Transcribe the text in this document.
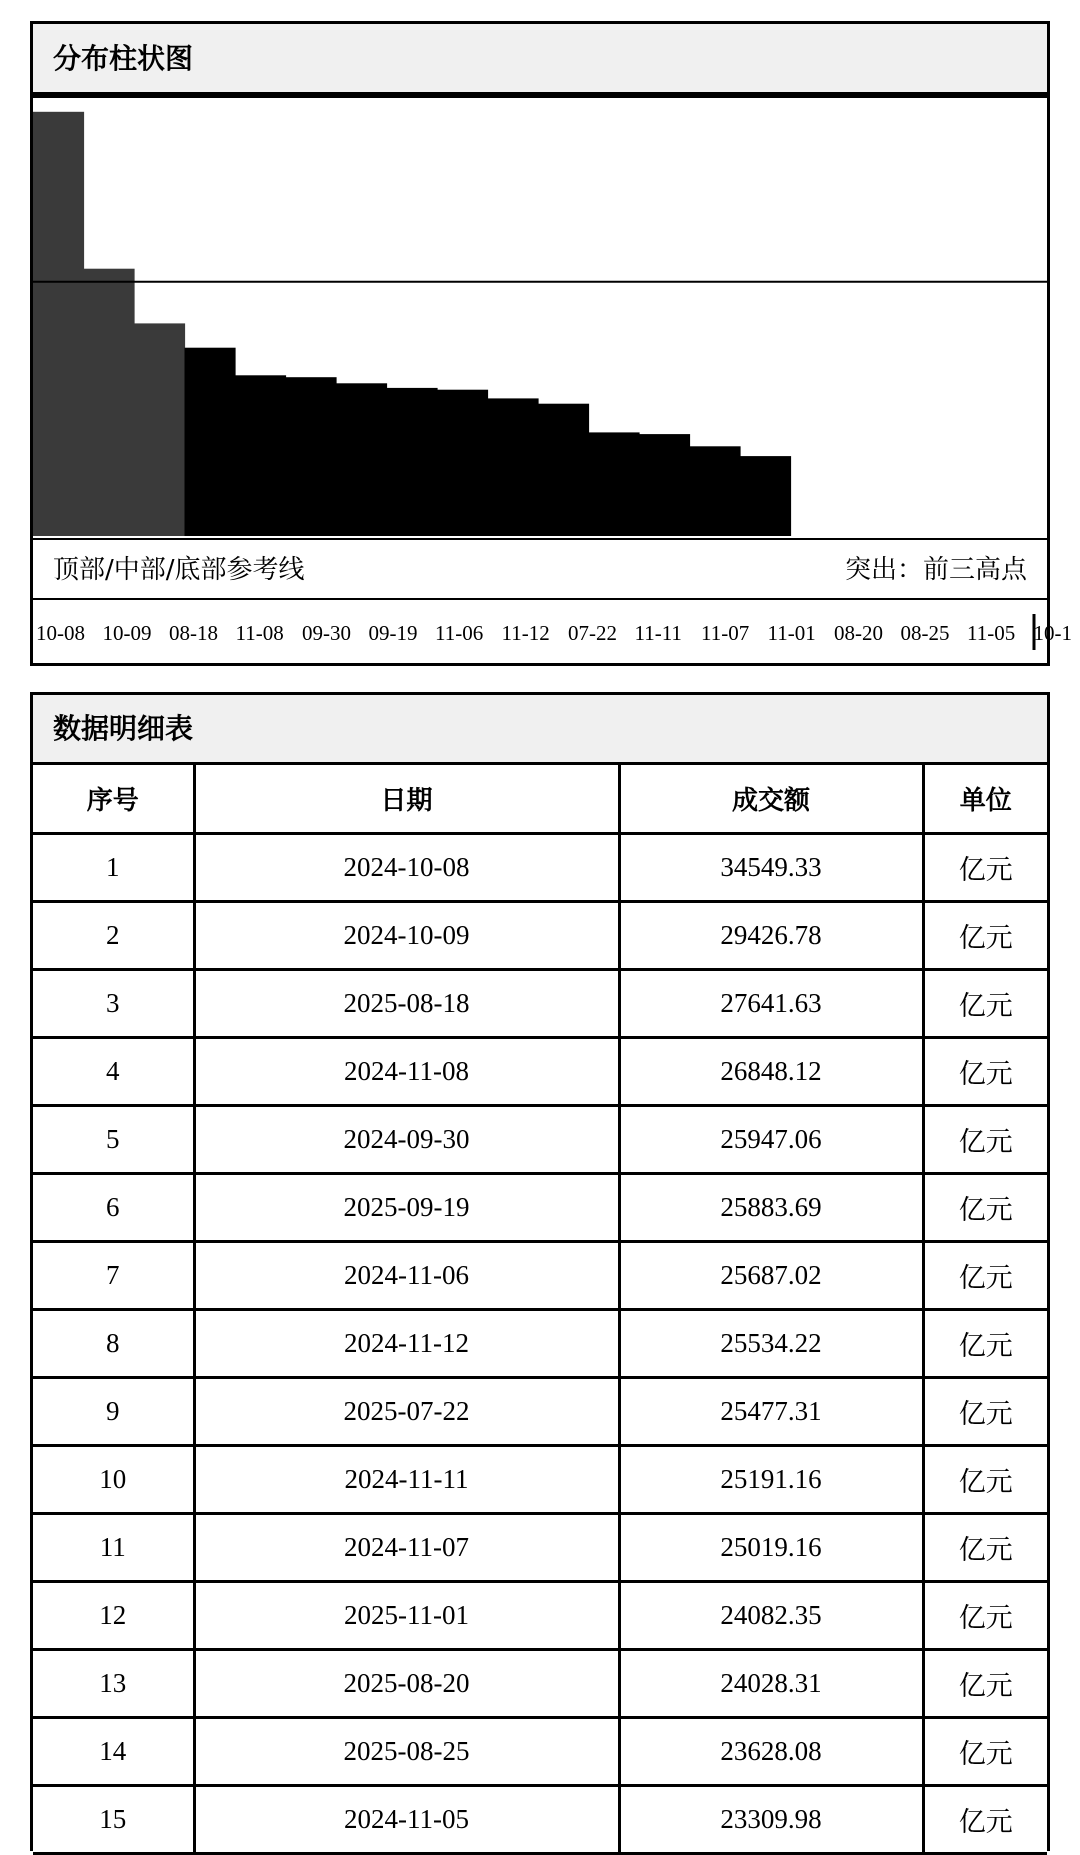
分布柱状图
顶部/中部/底部参考线	突出：前三高点
10-08 10-09 08-18 11-08 09-30 09-19 11-06 11-12 07-22 11-11 11-07 11-01 08-20 08-25 11-05 10-1
数据明细表
序号	日期	成交额	单位
1	2024-10-08	34549.33	亿元
2	2024-10-09	29426.78	亿元
3	2025-08-18	27641.63	亿元
4	2024-11-08	26848.12	亿元
5	2024-09-30	25947.06	亿元
6	2025-09-19	25883.69	亿元
7	2024-11-06	25687.02	亿元
8	2024-11-12	25534.22	亿元
9	2025-07-22	25477.31	亿元
10	2024-11-11	25191.16	亿元
11	2024-11-07	25019.16	亿元
12	2025-11-01	24082.35	亿元
13	2025-08-20	24028.31	亿元
14	2025-08-25	23628.08	亿元
15	2024-11-05	23309.98	亿元
